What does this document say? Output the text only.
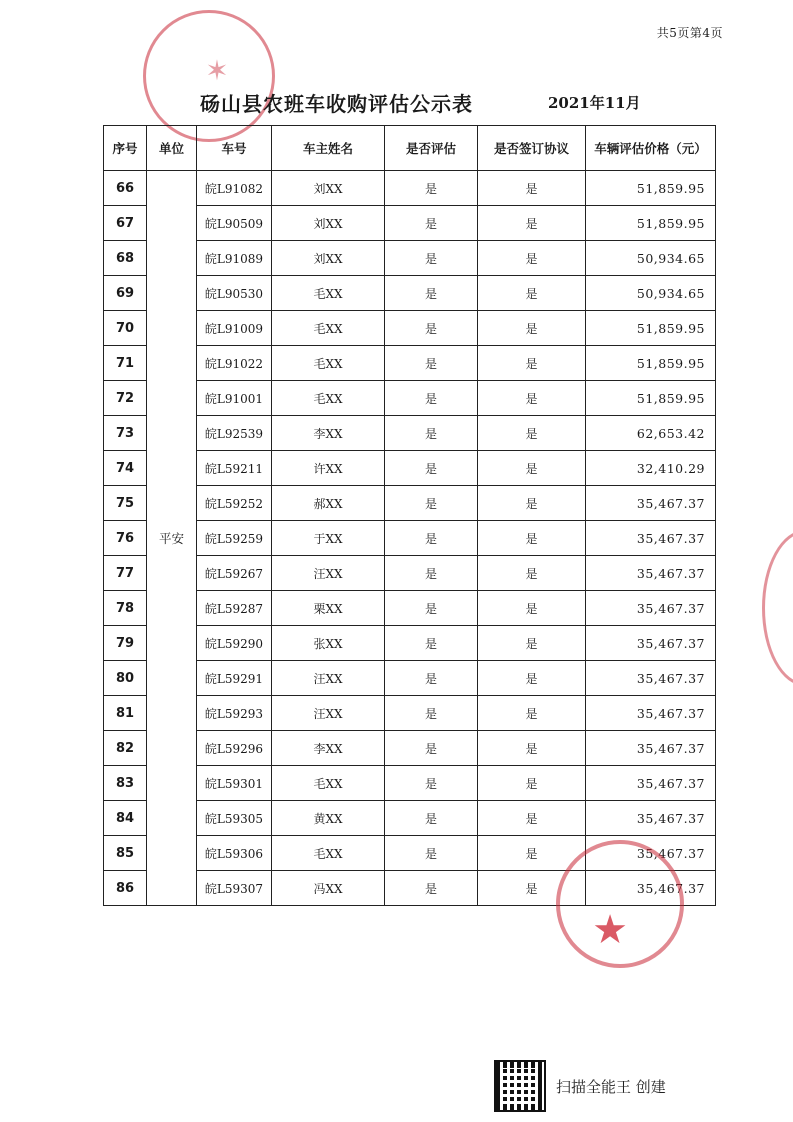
✶
共5页第4页
砀山县农班车收购评估公示表	2021年11月
序号	单位	车号	车主姓名	是否评估	是否签订协议	车辆评估价格（元）
66	平安	皖L91082	刘XX	是	是	51,859.95
67		皖L90509	刘XX	是	是	51,859.95
68		皖L91089	刘XX	是	是	50,934.65
69		皖L90530	毛XX	是	是	50,934.65
70		皖L91009	毛XX	是	是	51,859.95
71		皖L91022	毛XX	是	是	51,859.95
72		皖L91001	毛XX	是	是	51,859.95
73		皖L92539	李XX	是	是	62,653.42
74		皖L59211	许XX	是	是	32,410.29
75		皖L59252	郝XX	是	是	35,467.37
76		皖L59259	于XX	是	是	35,467.37
77		皖L59267	汪XX	是	是	35,467.37
78		皖L59287	栗XX	是	是	35,467.37
79		皖L59290	张XX	是	是	35,467.37
80		皖L59291	汪XX	是	是	35,467.37
81		皖L59293	汪XX	是	是	35,467.37
82		皖L59296	李XX	是	是	35,467.37
83		皖L59301	毛XX	是	是	35,467.37
84		皖L59305	黄XX	是	是	35,467.37
85		皖L59306	毛XX	是	是	35,467.37
86		皖L59307	冯XX	是	是	35,467.37
★
扫描全能王 创建
